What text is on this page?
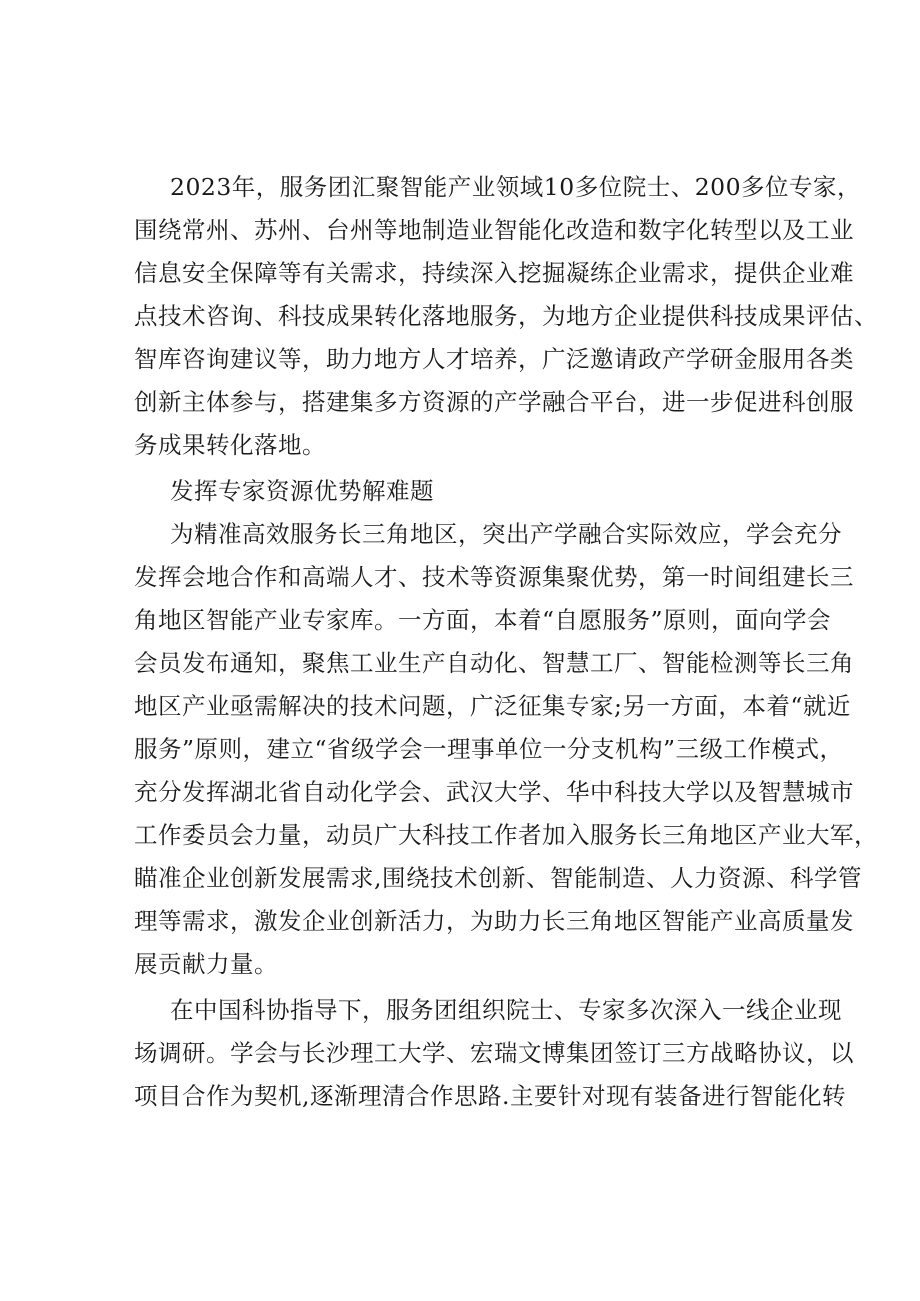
2023年，服务团汇聚智能产业领域10多位院士、200多位专家，
围绕常州、苏州、台州等地制造业智能化改造和数字化转型以及工业
信息安全保障等有关需求，持续深入挖掘凝练企业需求，提供企业难
点技术咨询、科技成果转化落地服务，为地方企业提供科技成果评估、
智库咨询建议等，助力地方人才培养，广泛邀请政产学研金服用各类
创新主体参与，搭建集多方资源的产学融合平台，进一步促进科创服
务成果转化落地。
发挥专家资源优势解难题
为精准高效服务长三角地区，突出产学融合实际效应，学会充分
发挥会地合作和高端人才、技术等资源集聚优势，第一时间组建长三
角地区智能产业专家库。一方面，本着“自愿服务”原则，面向学会
会员发布通知，聚焦工业生产自动化、智慧工厂、智能检测等长三角
地区产业亟需解决的技术问题，广泛征集专家;另一方面，本着“就近
服务”原则，建立“省级学会一理事单位一分支机构”三级工作模式，
充分发挥湖北省自动化学会、武汉大学、华中科技大学以及智慧城市
工作委员会力量，动员广大科技工作者加入服务长三角地区产业大军，
瞄准企业创新发展需求,围绕技术创新、智能制造、人力资源、科学管
理等需求，激发企业创新活力，为助力长三角地区智能产业高质量发
展贡献力量。
在中国科协指导下，服务团组织院士、专家多次深入一线企业现
场调研。学会与长沙理工大学、宏瑞文博集团签订三方战略协议，以
项目合作为契机,逐渐理清合作思路.主要针对现有装备进行智能化转
